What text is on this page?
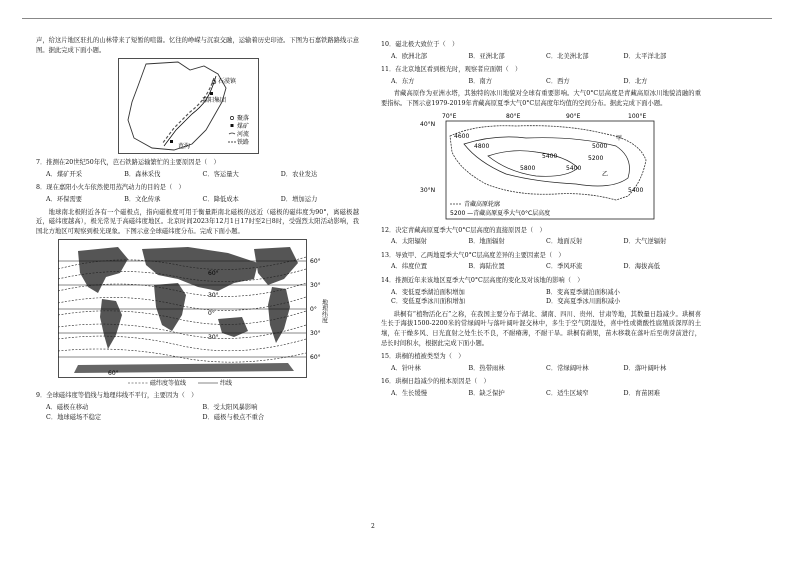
声，给这片地区驻扎的山林带来了短暂的喧嚣。忆往的峥嵘与沉寂交融，运输着历史印迹。下图为石嘉铁路路线示意图。据此完成下面小题。

石漠镇
嘉阳集团
芭沟
聚落
煤矿
河流
铁路

7．推测在20世纪50年代，芭石铁路运输繁忙的主要原因是（　）

A．煤矿开采	B．森林采伐	C．客运量大	D．农业发达

8．现在嘉阳小火车依然使用蒸汽动力的目的是（　）

A．环保需要	B．文化传承	C．降低成本	D．增加运力

地球南北极附近各有一个磁极点，指向磁极度可用于衡量距南北磁极的远近（磁极的磁纬度为90°，离磁极越近，磁纬度越高），极光常见于高磁纬度地区。北京时间2023年12月1日17时至2日8时，受强烈太阳活动影响，我国北方地区可观察到极光现象。下图示意全球磁纬度分布。完成下面小题。

60°
30°
0°
30°
60°
60°
30°
0°
30°
60°
地理纬度
磁纬度等值线	纬线

9．全球磁纬度等值线与地理纬线不平行，主要因为（　）

A．磁极在移动	B．受太阳风暴影响
C．地球磁场不稳定	D．磁极与极点不重合

10．磁北极大致位于（　）

A．欧洲北部	B．亚洲北部	C．北美洲北部	D．太平洋北部

11．在北京地区看到极光时，观察者应面朝（　）

A．东方	B．南方	C．西方	D．北方

青藏高原作为亚洲水塔，其独特的冰川地貌对全球有重要影响。大气0°C层高度是青藏高原冰川地貌消融的重要指标。下图示意1979-2019年青藏高原夏季大气0°C层高度年均值的空间分布。据此完成下面小题。

70°E	80°E	90°E	100°E
40°N
30°N
4600
4800	5000
5200
5400
5800
5400
5400
甲
乙
青藏高原轮廓
5200 —青藏高原夏季大气0°C层高度

12．决定青藏高原夏季大气0°C层高度的直接原因是（　）

A．太阳辐射	B．地面辐射	C．地面反射	D．大气逆辐射

13．导致甲、乙两地夏季大气0°C层高度差异的主要因素是（　）

A．纬度位置	B．海陆位置	C．季风环流	D．海拔高低

14．推测近年来该地区夏季大气0°C层高度的变化及对该地的影响（　）

A．变低夏季湖泊面积增加	B．变高夏季湖泊面积减小
C．变低夏季冰川面积增加	D．变高夏季冰川面积减小

珙桐有“植物活化石”之称，在我国主要分布于湖北、湖南、四川、贵州、甘肃等地，其数量日趋减少。珙桐喜生长于海拔1500-2200米的常绿阔叶与落叶阔叶混交林中，多生于空气阴湿处，喜中性或微酸性腐殖质深厚的土壤，在干燥多风、日光直射之处生长不良，不耐瘠薄，不耐干旱。珙桐有蒴果，苗木移栽在落叶后至萌芽前进行，忌长时间积水，根据此完成下面小题。

15．珙桐的植被类型为（　）

A．针叶林	B．热带雨林	C．常绿阔叶林	D．落叶阔叶林

16．珙桐日趋减少的根本原因是（　）

A．生长缓慢	B．缺乏保护	C．适生区域窄	D．育苗困难
2
